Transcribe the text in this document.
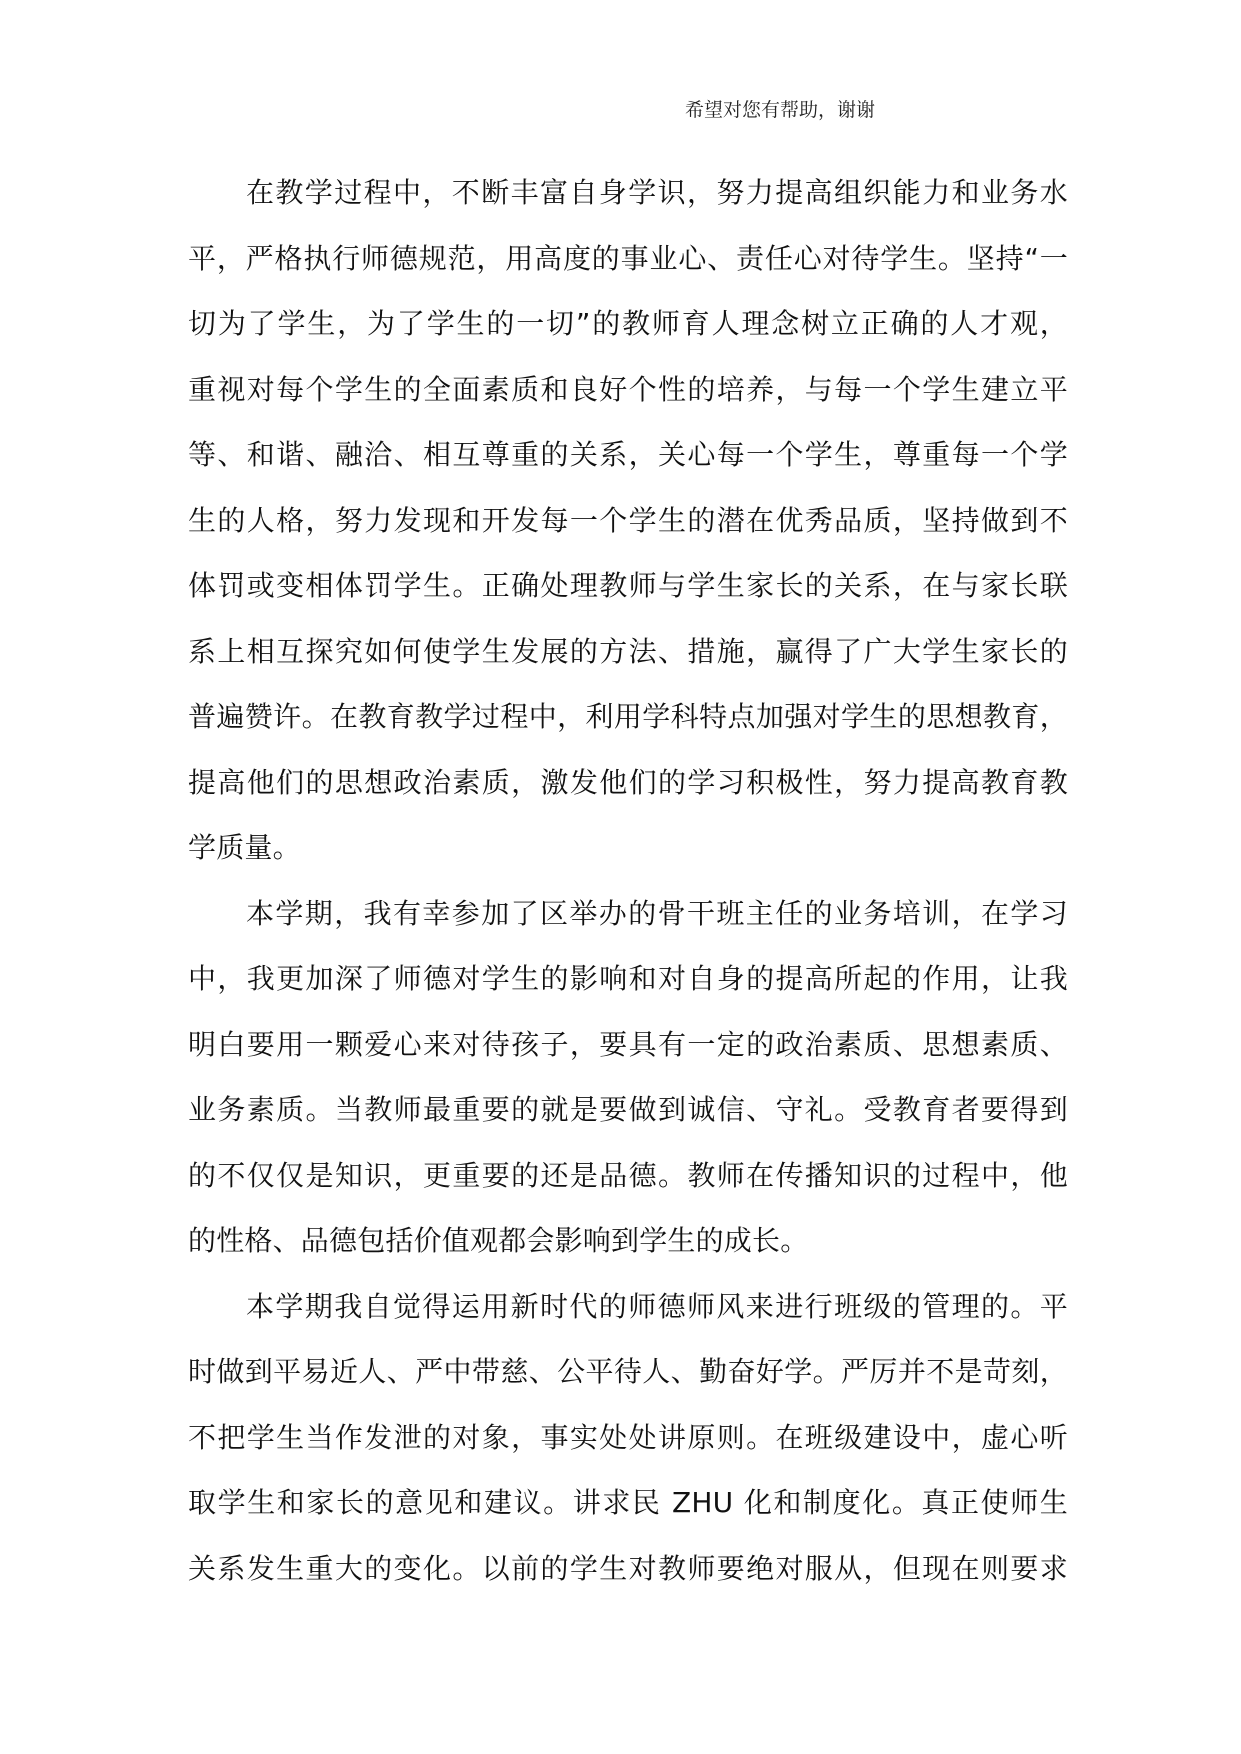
希望对您有帮助，谢谢
在教学过程中，不断丰富自身学识，努力提高组织能力和业务水
平，严格执行师德规范，用高度的事业心、责任心对待学生。坚持“一
切为了学生，为了学生的一切”的教师育人理念树立正确的人才观，
重视对每个学生的全面素质和良好个性的培养，与每一个学生建立平
等、和谐、融洽、相互尊重的关系，关心每一个学生，尊重每一个学
生的人格，努力发现和开发每一个学生的潜在优秀品质，坚持做到不
体罚或变相体罚学生。正确处理教师与学生家长的关系，在与家长联
系上相互探究如何使学生发展的方法、措施，赢得了广大学生家长的
普遍赞许。在教育教学过程中，利用学科特点加强对学生的思想教育，
提高他们的思想政治素质，激发他们的学习积极性，努力提高教育教
学质量。
本学期，我有幸参加了区举办的骨干班主任的业务培训，在学习
中，我更加深了师德对学生的影响和对自身的提高所起的作用，让我
明白要用一颗爱心来对待孩子，要具有一定的政治素质、思想素质、
业务素质。当教师最重要的就是要做到诚信、守礼。受教育者要得到
的不仅仅是知识，更重要的还是品德。教师在传播知识的过程中，他
的性格、品德包括价值观都会影响到学生的成长。
本学期我自觉得运用新时代的师德师风来进行班级的管理的。平
时做到平易近人、严中带慈、公平待人、勤奋好学。严厉并不是苛刻，
不把学生当作发泄的对象，事实处处讲原则。在班级建设中，虚心听
取学生和家长的意见和建议。讲求民 ZHU 化和制度化。真正使师生
关系发生重大的变化。以前的学生对教师要绝对服从，但现在则要求
